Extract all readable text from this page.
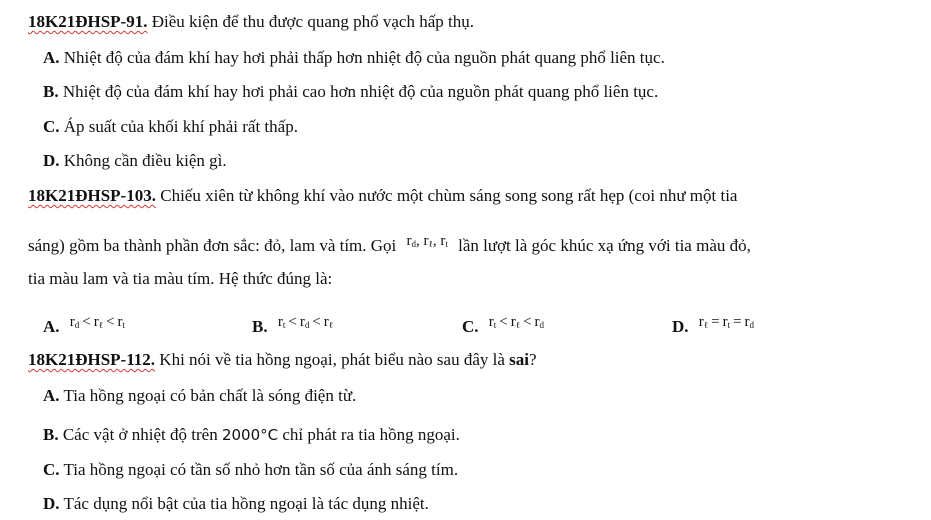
18K21ĐHSP-91. Điều kiện để thu được quang phổ vạch hấp thụ.
A. Nhiệt độ của đám khí hay hơi phải thấp hơn nhiệt độ của nguồn phát quang phổ liên tục.
B. Nhiệt độ của đám khí hay hơi phải cao hơn nhiệt độ của nguồn phát quang phổ liên tục.
C. Áp suất của khối khí phải rất thấp.
D. Không cần điều kiện gì.
18K21ĐHSP-103. Chiếu xiên từ không khí vào nước một chùm sáng song song rất hẹp (coi như một tia
sáng) gồm ba thành phần đơn sắc: đỏ, lam và tím. Gọi $r_d$, $r_\ell$, $r_t$ lần lượt là góc khúc xạ ứng với tia màu đỏ,
tia màu lam và tia màu tím. Hệ thức đúng là:
A. $r_d < r_\ell < r_t$	B. $r_t < r_d < r_\ell$	C. $r_t < r_\ell < r_d$	D. $r_\ell = r_t = r_d$
18K21ĐHSP-112. Khi nói về tia hồng ngoại, phát biểu nào sau đây là sai?
A. Tia hồng ngoại có bản chất là sóng điện từ.
B. Các vật ở nhiệt độ trên 2000°C chỉ phát ra tia hồng ngoại.
C. Tia hồng ngoại có tần số nhỏ hơn tần số của ánh sáng tím.
D. Tác dụng nổi bật của tia hồng ngoại là tác dụng nhiệt.
